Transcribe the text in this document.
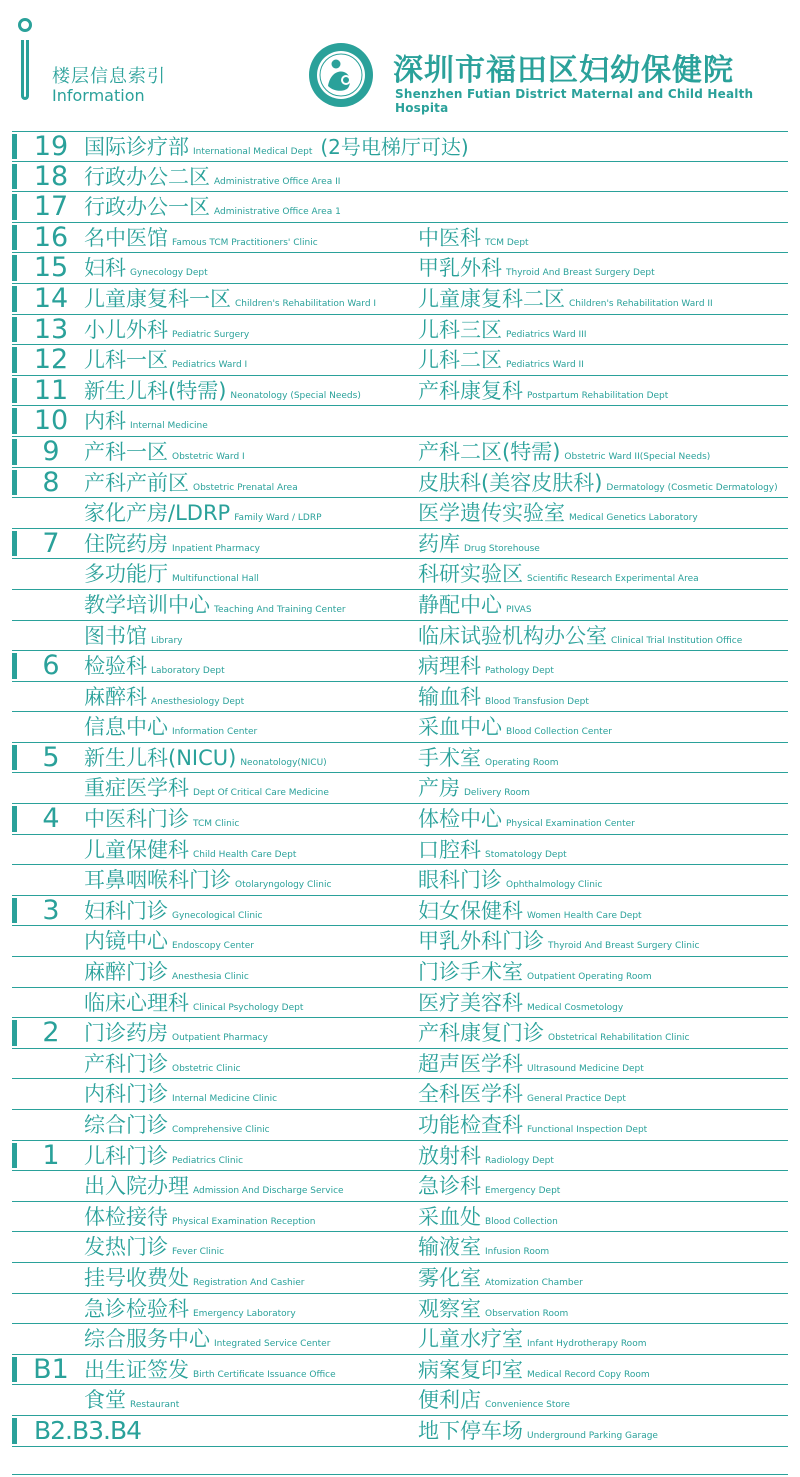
楼层信息索引
Information
深圳市福田区妇幼保健院
Shenzhen Futian District Maternal and Child Health Hospita
19 国际诊疗部 International Medical Dept (2号电梯厅可达)
18 行政办公二区 Administrative Office Area II
17 行政办公一区 Administrative Office Area 1
16 名中医馆 Famous TCM Practitioners' Clinic	中医科 TCM Dept
15 妇科 Gynecology Dept	甲乳外科 Thyroid And Breast Surgery Dept
14 儿童康复科一区 Children's Rehabilitation Ward I 儿童康复科二区 Children's Rehabilitation Ward II
13 小儿外科 Pediatric Surgery	儿科三区 Pediatrics Ward III
12 儿科一区 Pediatrics Ward I	儿科二区 Pediatrics Ward II
11 新生儿科(特需) Neonatology (Special Needs)	产科康复科 Postpartum Rehabilitation Dept
10 内科 Internal Medicine
9	产科一区 Obstetric Ward I	产科二区(特需) Obstetric Ward II(Special Needs)
8	产科产前区 Obstetric Prenatal Area	皮肤科(美容皮肤科) Dermatology (Cosmetic Dermatology)
家化产房/LDRP Family Ward / LDRP	医学遗传实验室 Medical Genetics Laboratory
7	住院药房 Inpatient Pharmacy	药库 Drug Storehouse
多功能厅 Multifunctional Hall	科研实验区 Scientific Research Experimental Area
教学培训中心 Teaching And Training Center	静配中心 PIVAS
图书馆 Library	临床试验机构办公室 Clinical Trial Institution Office
6	检验科 Laboratory Dept	病理科 Pathology Dept
麻醉科 Anesthesiology Dept	输血科 Blood Transfusion Dept
信息中心 Information Center	采血中心 Blood Collection Center
5	新生儿科(NICU) Neonatology(NICU)	手术室 Operating Room
重症医学科 Dept Of Critical Care Medicine	产房 Delivery Room
4	中医科门诊 TCM Clinic	体检中心 Physical Examination Center
儿童保健科 Child Health Care Dept	口腔科 Stomatology Dept
耳鼻咽喉科门诊 Otolaryngology Clinic	眼科门诊 Ophthalmology Clinic
3	妇科门诊 Gynecological Clinic	妇女保健科 Women Health Care Dept
内镜中心 Endoscopy Center	甲乳外科门诊 Thyroid And Breast Surgery Clinic
麻醉门诊 Anesthesia Clinic	门诊手术室 Outpatient Operating Room
临床心理科 Clinical Psychology Dept	医疗美容科 Medical Cosmetology
2	门诊药房 Outpatient Pharmacy	产科康复门诊 Obstetrical Rehabilitation Clinic
产科门诊 Obstetric Clinic	超声医学科 Ultrasound Medicine Dept
内科门诊 Internal Medicine Clinic	全科医学科 General Practice Dept
综合门诊 Comprehensive Clinic	功能检查科 Functional Inspection Dept
1	儿科门诊 Pediatrics Clinic	放射科 Radiology Dept
出入院办理 Admission And Discharge Service	急诊科 Emergency Dept
体检接待 Physical Examination Reception	采血处 Blood Collection
发热门诊 Fever Clinic	输液室 Infusion Room
挂号收费处 Registration And Cashier	雾化室 Atomization Chamber
急诊检验科 Emergency Laboratory	观察室 Observation Room
综合服务中心 Integrated Service Center	儿童水疗室 Infant Hydrotherapy Room
B1 出生证签发 Birth Certificate Issuance Office	病案复印室 Medical Record Copy Room
食堂 Restaurant	便利店 Convenience Store
B2.B3.B4	地下停车场 Underground Parking Garage
